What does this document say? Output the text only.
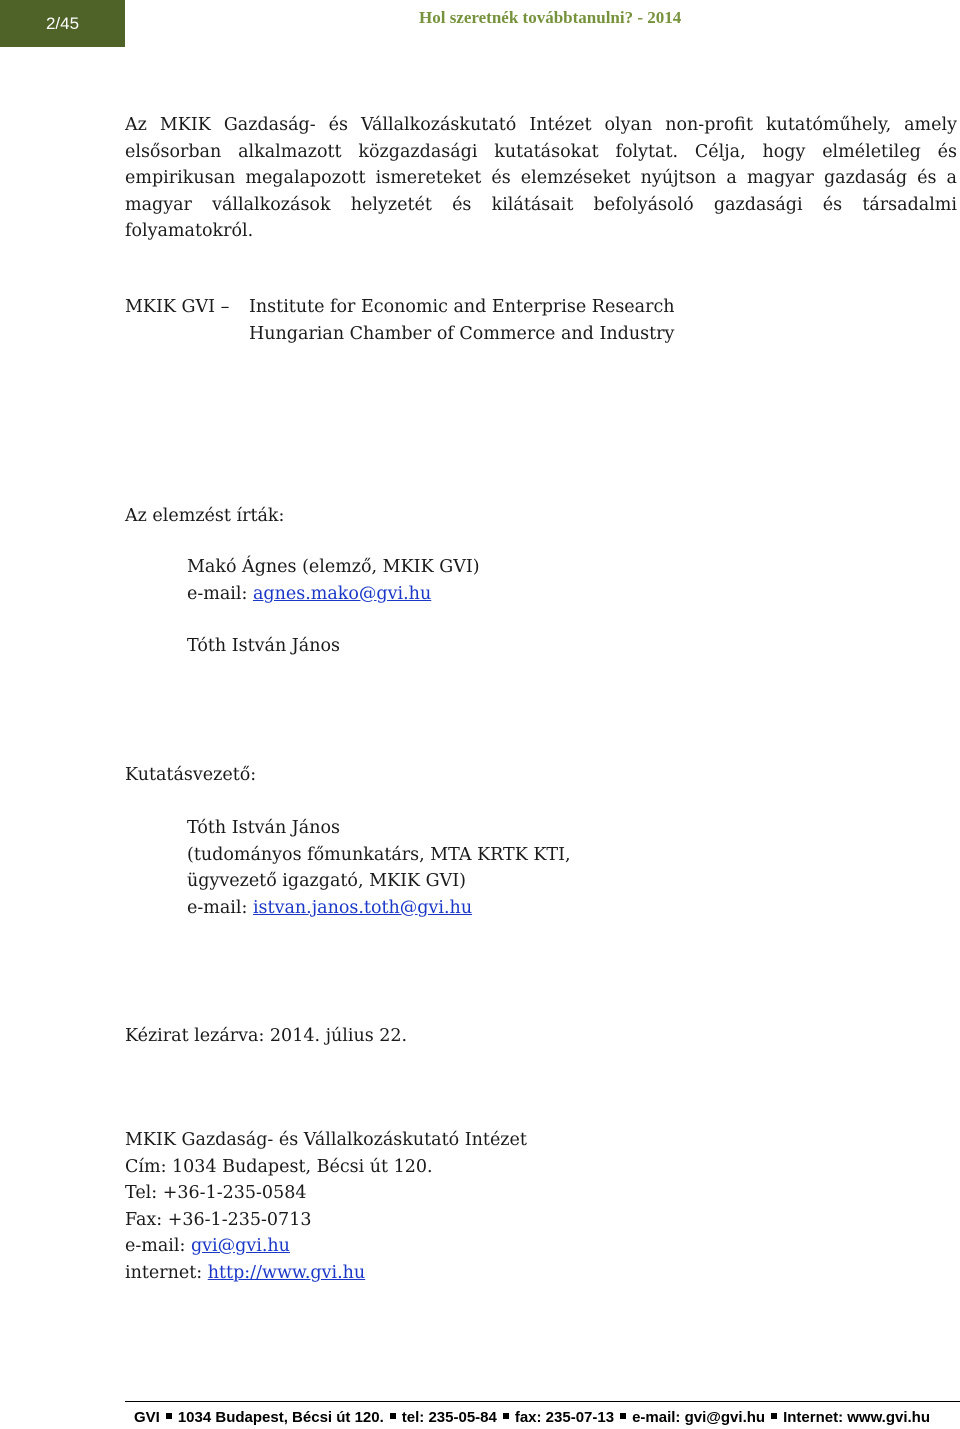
2/45	Hol szeretnék továbbtanulni? - 2014

Az MKIK Gazdaság- és Vállalkozáskutató Intézet olyan non-profit kutatóműhely, amely elsősorban alkalmazott közgazdasági kutatásokat folytat. Célja, hogy elméletileg és empirikusan megalapozott ismereteket és elemzéseket nyújtson a magyar gazdaság és a magyar vállalkozások helyzetét és kilátásait befolyásoló gazdasági és társadalmi folyamatokról.

MKIK GVI – Institute for Economic and Enterprise Research
Hungarian Chamber of Commerce and Industry
Az elemzést írták:
Makó Ágnes (elemző, MKIK GVI)
e-mail: agnes.mako@gvi.hu
Tóth István János
Kutatásvezető:
Tóth István János
(tudományos főmunkatárs, MTA KRTK KTI,
ügyvezető igazgató, MKIK GVI)
e-mail: istvan.janos.toth@gvi.hu
Kézirat lezárva: 2014. július 22.
MKIK Gazdaság- és Vállalkozáskutató Intézet
Cím: 1034 Budapest, Bécsi út 120.
Tel: +36-1-235-0584
Fax: +36-1-235-0713
e-mail: gvi@gvi.hu
internet: http://www.gvi.hu
GVI 1034 Budapest, Bécsi út 120. tel: 235-05-84 fax: 235-07-13 e-mail: gvi@gvi.hu Internet: www.gvi.hu
